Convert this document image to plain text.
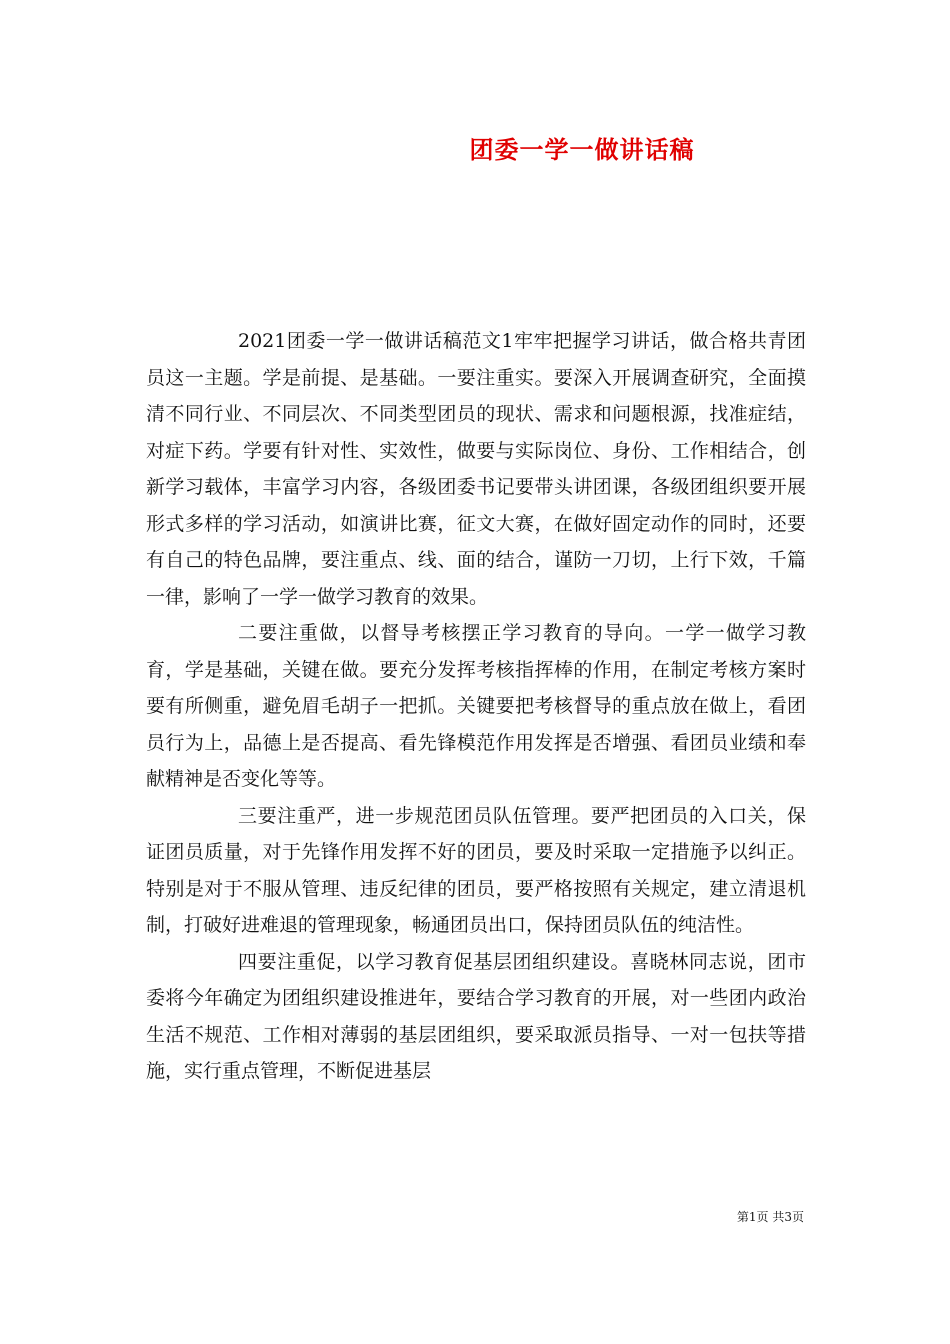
团委一学一做讲话稿

2021团委一学一做讲话稿范文1牢牢把握学习讲话，做合格共青团员这一主题。学是前提、是基础。一要注重实。要深入开展调查研究，全面摸清不同行业、不同层次、不同类型团员的现状、需求和问题根源，找准症结，对症下药。学要有针对性、实效性，做要与实际岗位、身份、工作相结合，创新学习载体，丰富学习内容，各级团委书记要带头讲团课，各级团组织要开展形式多样的学习活动，如演讲比赛，征文大赛，在做好固定动作的同时，还要有自己的特色品牌，要注重点、线、面的结合，谨防一刀切，上行下效，千篇一律，影响了一学一做学习教育的效果。

二要注重做，以督导考核摆正学习教育的导向。一学一做学习教育，学是基础，关键在做。要充分发挥考核指挥棒的作用，在制定考核方案时要有所侧重，避免眉毛胡子一把抓。关键要把考核督导的重点放在做上，看团员行为上，品德上是否提高、看先锋模范作用发挥是否增强、看团员业绩和奉献精神是否变化等等。

三要注重严，进一步规范团员队伍管理。要严把团员的入口关，保证团员质量，对于先锋作用发挥不好的团员，要及时采取一定措施予以纠正。特别是对于不服从管理、违反纪律的团员，要严格按照有关规定，建立清退机制，打破好进难退的管理现象，畅通团员出口，保持团员队伍的纯洁性。

四要注重促，以学习教育促基层团组织建设。喜晓林同志说，团市委将今年确定为团组织建设推进年，要结合学习教育的开展，对一些团内政治生活不规范、工作相对薄弱的基层团组织，要采取派员指导、一对一包扶等措施，实行重点管理，不断促进基层

第1页 共3页
